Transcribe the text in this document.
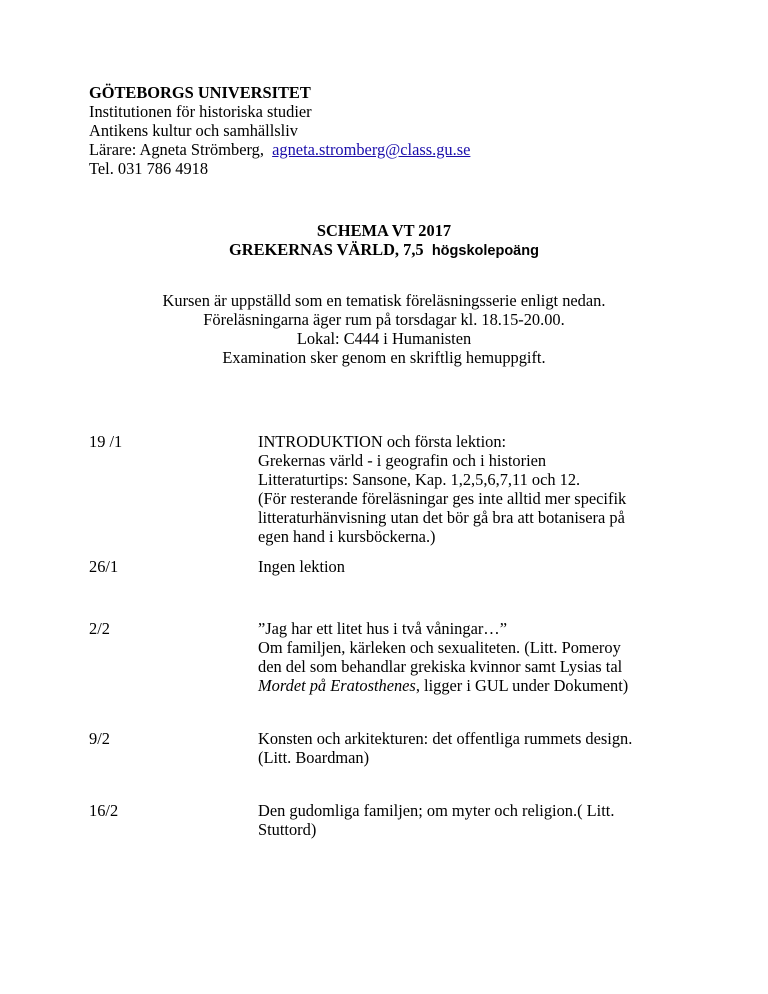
GÖTEBORGS UNIVERSITET
Institutionen för historiska studier
Antikens kultur och samhällsliv
Lärare: Agneta Strömberg, agneta.stromberg@class.gu.se
Tel. 031 786 4918
SCHEMA VT 2017
GREKERNAS VÄRLD, 7,5 högskolepoäng
Kursen är uppställd som en tematisk föreläsningsserie enligt nedan.
Föreläsningarna äger rum på torsdagar kl. 18.15-20.00.
Lokal: C444 i Humanisten
Examination sker genom en skriftlig hemuppgift.
19 /1	INTRODUKTION och första lektion:
Grekernas värld - i geografin och i historien
Litteraturtips: Sansone, Kap. 1,2,5,6,7,11 och 12.
(För resterande föreläsningar ges inte alltid mer specifik
litteraturhänvisning utan det bör gå bra att botanisera på
egen hand i kursböckerna.)
26/1	Ingen lektion
2/2	”Jag har ett litet hus i två våningar…”
Om familjen, kärleken och sexualiteten. (Litt. Pomeroy
den del som behandlar grekiska kvinnor samt Lysias tal
Mordet på Eratosthenes, ligger i GUL under Dokument)
9/2	Konsten och arkitekturen: det offentliga rummets design.
(Litt. Boardman)
16/2	Den gudomliga familjen; om myter och religion.( Litt.
Stuttord)
